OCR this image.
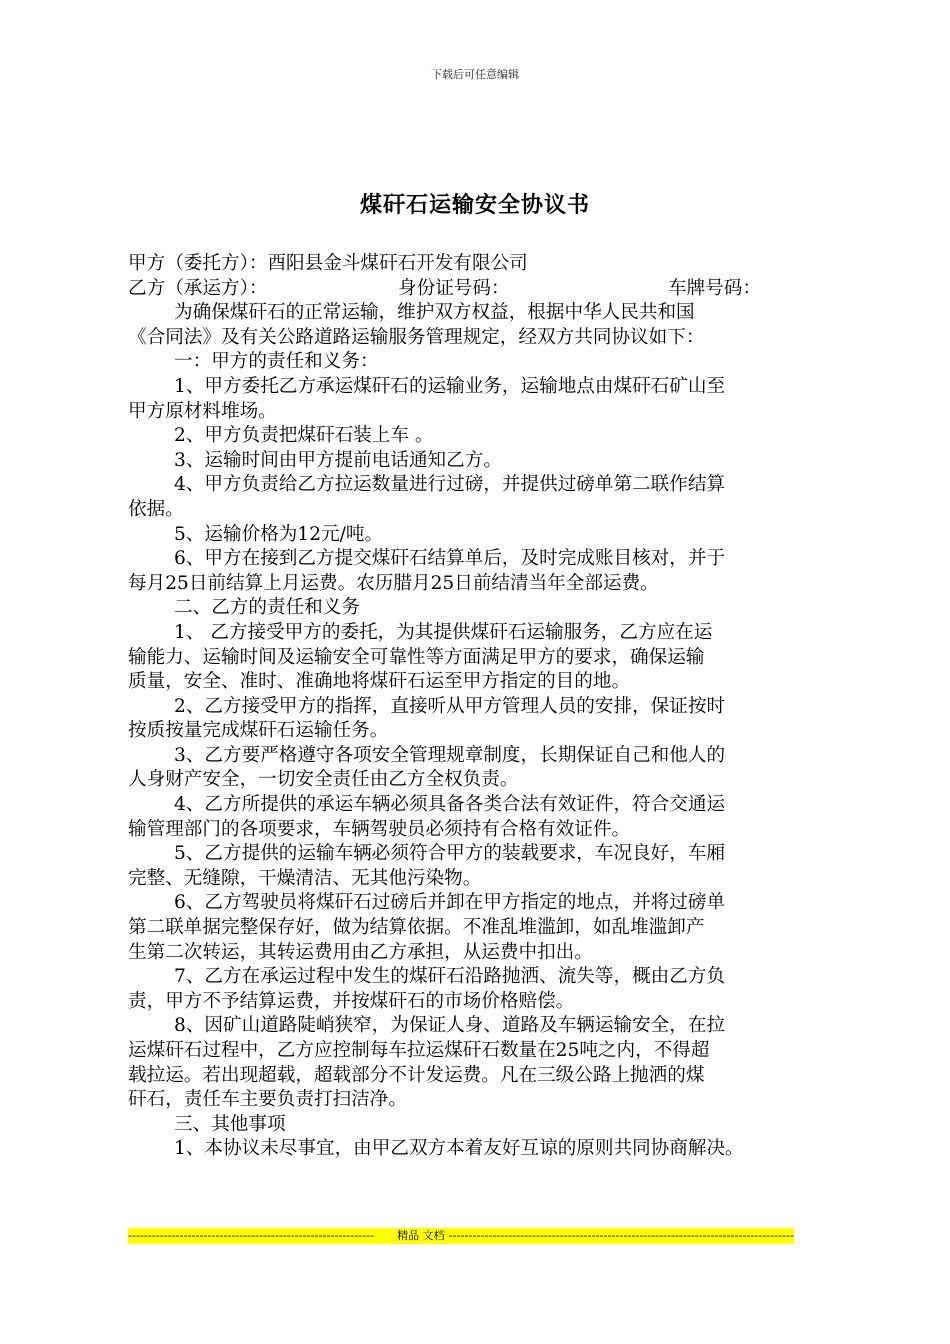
下载后可任意编辑
煤矸石运输安全协议书
甲方（委托方）：酉阳县金斗煤矸石开发有限公司
乙方（承运方）：	身份证号码：	车牌号码：
为确保煤矸石的正常运输，维护双方权益，根据中华人民共和国
《合同法》及有关公路道路运输服务管理规定，经双方共同协议如下：
一：甲方的责任和义务：
1、甲方委托乙方承运煤矸石的运输业务，运输地点由煤矸石矿山至
甲方原材料堆场。
2、甲方负责把煤矸石装上车 。
3、运输时间由甲方提前电话通知乙方。
4、甲方负责给乙方拉运数量进行过磅，并提供过磅单第二联作结算
依据。
5、运输价格为12元/吨。
6、甲方在接到乙方提交煤矸石结算单后，及时完成账目核对，并于
每月25日前结算上月运费。农历腊月25日前结清当年全部运费。
二、乙方的责任和义务
1、 乙方接受甲方的委托，为其提供煤矸石运输服务，乙方应在运
输能力、运输时间及运输安全可靠性等方面满足甲方的要求，确保运输
质量，安全、准时、准确地将煤矸石运至甲方指定的目的地。
2、乙方接受甲方的指挥，直接听从甲方管理人员的安排，保证按时
按质按量完成煤矸石运输任务。
3、乙方要严格遵守各项安全管理规章制度，长期保证自己和他人的
人身财产安全，一切安全责任由乙方全权负责。
4、乙方所提供的承运车辆必须具备各类合法有效证件，符合交通运
输管理部门的各项要求，车辆驾驶员必须持有合格有效证件。
5、乙方提供的运输车辆必须符合甲方的装载要求，车况良好，车厢
完整、无缝隙，干燥清洁、无其他污染物。
6、乙方驾驶员将煤矸石过磅后并卸在甲方指定的地点，并将过磅单
第二联单据完整保存好，做为结算依据。不准乱堆滥卸，如乱堆滥卸产
生第二次转运，其转运费用由乙方承担，从运费中扣出。
7、乙方在承运过程中发生的煤矸石沿路抛洒、流失等，概由乙方负
责，甲方不予结算运费，并按煤矸石的市场价格赔偿。
8、因矿山道路陡峭狭窄，为保证人身、道路及车辆运输安全，在拉
运煤矸石过程中，乙方应控制每车拉运煤矸石数量在25吨之内，不得超
载拉运。若出现超载，超载部分不计发运费。凡在三级公路上抛洒的煤
矸石，责任车主要负责打扫洁净。
三、其他事项
1、本协议未尽事宜，由甲乙双方本着友好互谅的原则共同协商解决。
--------------------------------------------------------------	精品 文档 ---------------------------------------------------------------------------------------
